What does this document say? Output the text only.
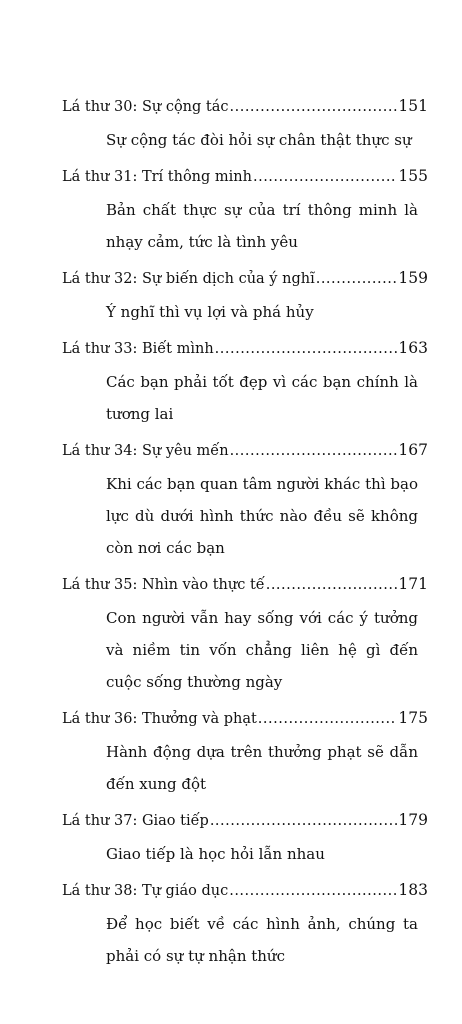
Lá thư 30: Sự cộng tác .....	151
Sự cộng tác đòi hỏi sự chân thật thực sự
Lá thư 31: Trí thông minh .....	155
Bản chất thực sự của trí thông minh là nhạy cảm, tức là tình yêu
Lá thư 32: Sự biến dịch của ý nghĩ .....	159
Ý nghĩ thì vụ lợi và phá hủy
Lá thư 33: Biết mình .....	163
Các bạn phải tốt đẹp vì các bạn chính là tương lai
Lá thư 34: Sự yêu mến .....	167
Khi các bạn quan tâm người khác thì bạo lực dù dưới hình thức nào đều sẽ không còn nơi các bạn
Lá thư 35: Nhìn vào thực tế .....	171
Con người vẫn hay sống với các ý tưởng và niềm tin vốn chẳng liên hệ gì đến cuộc sống thường ngày
Lá thư 36: Thưởng và phạt .....	175
Hành động dựa trên thưởng phạt sẽ dẫn đến xung đột
Lá thư 37: Giao tiếp .....	179
Giao tiếp là học hỏi lẫn nhau
Lá thư 38: Tự giáo dục .....	183
Để học biết về các hình ảnh, chúng ta phải có sự tự nhận thức
